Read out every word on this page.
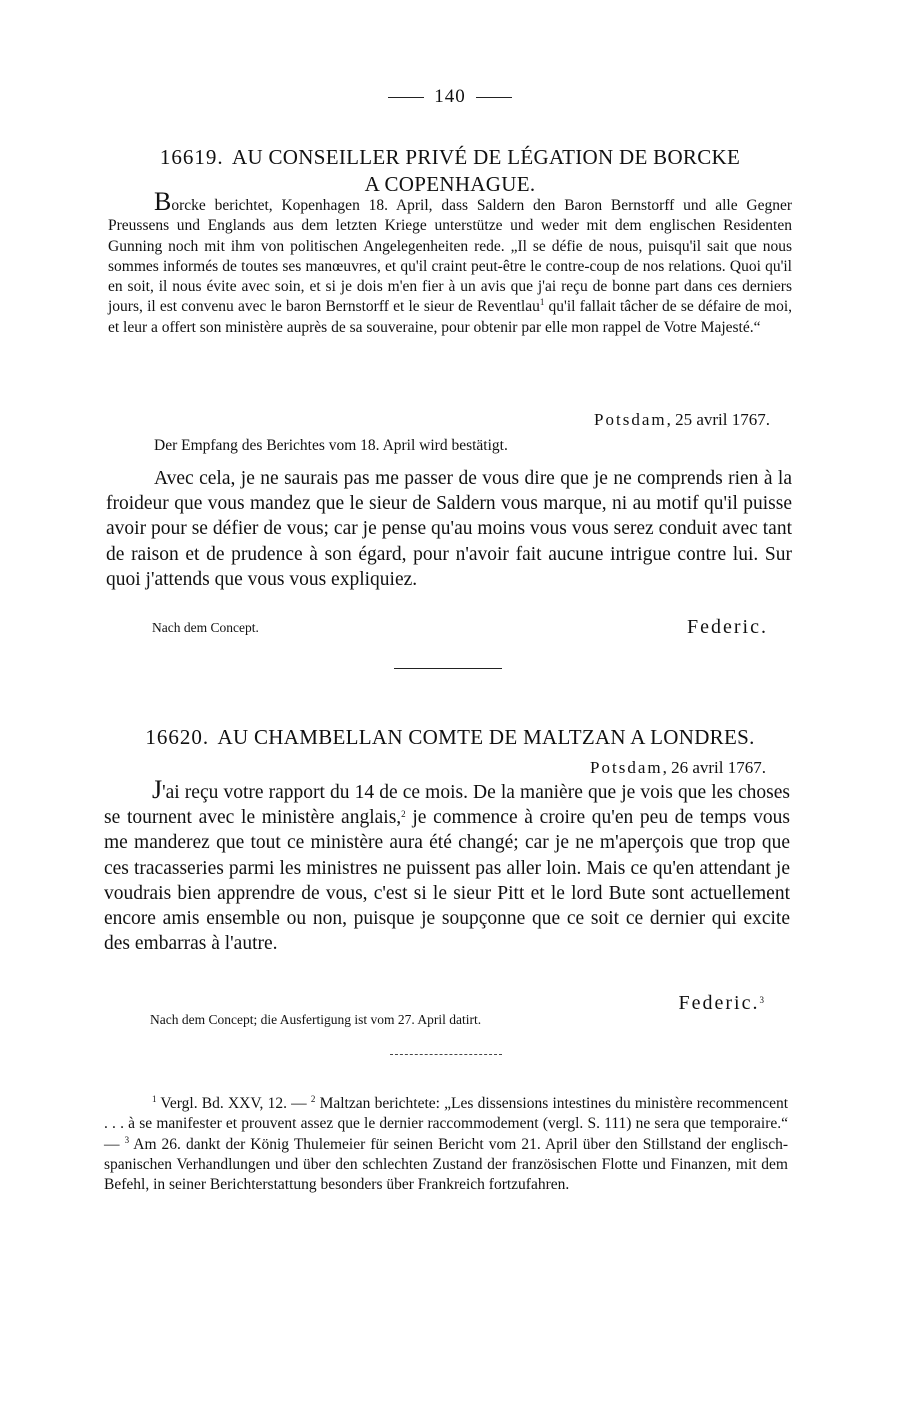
140
16619. AU CONSEILLER PRIVÉ DE LÉGATION DE BORCKE
A COPENHAGUE.

Borcke berichtet, Kopenhagen 18. April, dass Saldern den Baron Bernstorff und alle Gegner Preussens und Englands aus dem letzten Kriege unterstütze und weder mit dem englischen Residenten Gunning noch mit ihm von politischen Angelegenheiten rede. „Il se défie de nous, puisqu'il sait que nous sommes informés de toutes ses manœuvres, et qu'il craint peut-être le contre-coup de nos relations. Quoi qu'il en soit, il nous évite avec soin, et si je dois m'en fier à un avis que j'ai reçu de bonne part dans ces derniers jours, il est convenu avec le baron Bernstorff et le sieur de Reventlau$^1$ qu'il fallait tâcher de se défaire de moi, et leur a offert son ministère auprès de sa souveraine, pour obtenir par elle mon rappel de Votre Majesté.“

Potsdam, 25 avril 1767.
Der Empfang des Berichtes vom 18. April wird bestätigt.

Avec cela, je ne saurais pas me passer de vous dire que je ne comprends rien à la froideur que vous mandez que le sieur de Saldern vous marque, ni au motif qu'il puisse avoir pour se défier de vous; car je pense qu'au moins vous vous serez conduit avec tant de raison et de prudence à son égard, pour n'avoir fait aucune intrigue contre lui. Sur quoi j'attends que vous vous expliquiez.

Nach dem Concept.	Federic.
16620. AU CHAMBELLAN COMTE DE MALTZAN A LONDRES.
Potsdam, 26 avril 1767.

J'ai reçu votre rapport du 14 de ce mois. De la manière que je vois que les choses se tournent avec le ministère anglais,$^2$ je commence à croire qu'en peu de temps vous me manderez que tout ce ministère aura été changé; car je ne m'aperçois que trop que ces tracasseries parmi les ministres ne puissent pas aller loin. Mais ce qu'en attendant je voudrais bien apprendre de vous, c'est si le sieur Pitt et le lord Bute sont actuellement encore amis ensemble ou non, puisque je soupçonne que ce soit ce dernier qui excite des embarras à l'autre.

Federic.$^3$
Nach dem Concept; die Ausfertigung ist vom 27. April datirt.

$^1$ Vergl. Bd. XXV, 12. — $^2$ Maltzan berichtete: „Les dissensions intestines du ministère recommencent . . . à se manifester et prouvent assez que le dernier raccommodement (vergl. S. 111) ne sera que temporaire.“ — $^3$ Am 26. dankt der König Thulemeier für seinen Bericht vom 21. April über den Stillstand der englisch-spanischen Verhandlungen und über den schlechten Zustand der französischen Flotte und Finanzen, mit dem Befehl, in seiner Berichterstattung besonders über Frankreich fortzufahren.
